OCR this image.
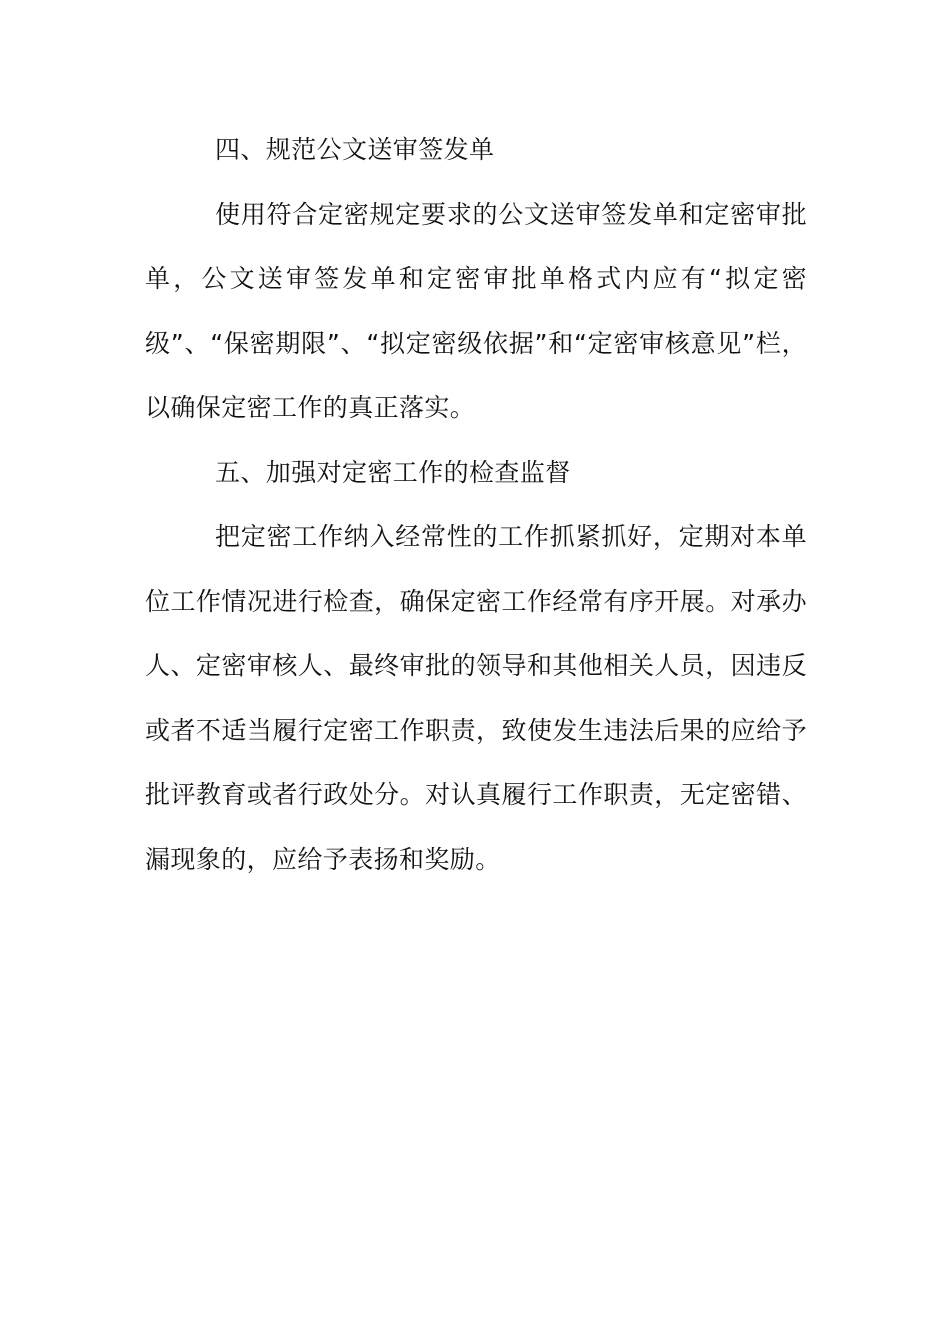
四、规范公文送审签发单

使用符合定密规定要求的公文送审签发单和定密审批单，公文送审签发单和定密审批单格式内应有“拟定密级”、“保密期限”、“拟定密级依据”和“定密审核意见”栏，以确保定密工作的真正落实。

五、加强对定密工作的检查监督

把定密工作纳入经常性的工作抓紧抓好，定期对本单位工作情况进行检查，确保定密工作经常有序开展。对承办人、定密审核人、最终审批的领导和其他相关人员，因违反或者不适当履行定密工作职责，致使发生违法后果的应给予批评教育或者行政处分。对认真履行工作职责，无定密错、漏现象的，应给予表扬和奖励。
